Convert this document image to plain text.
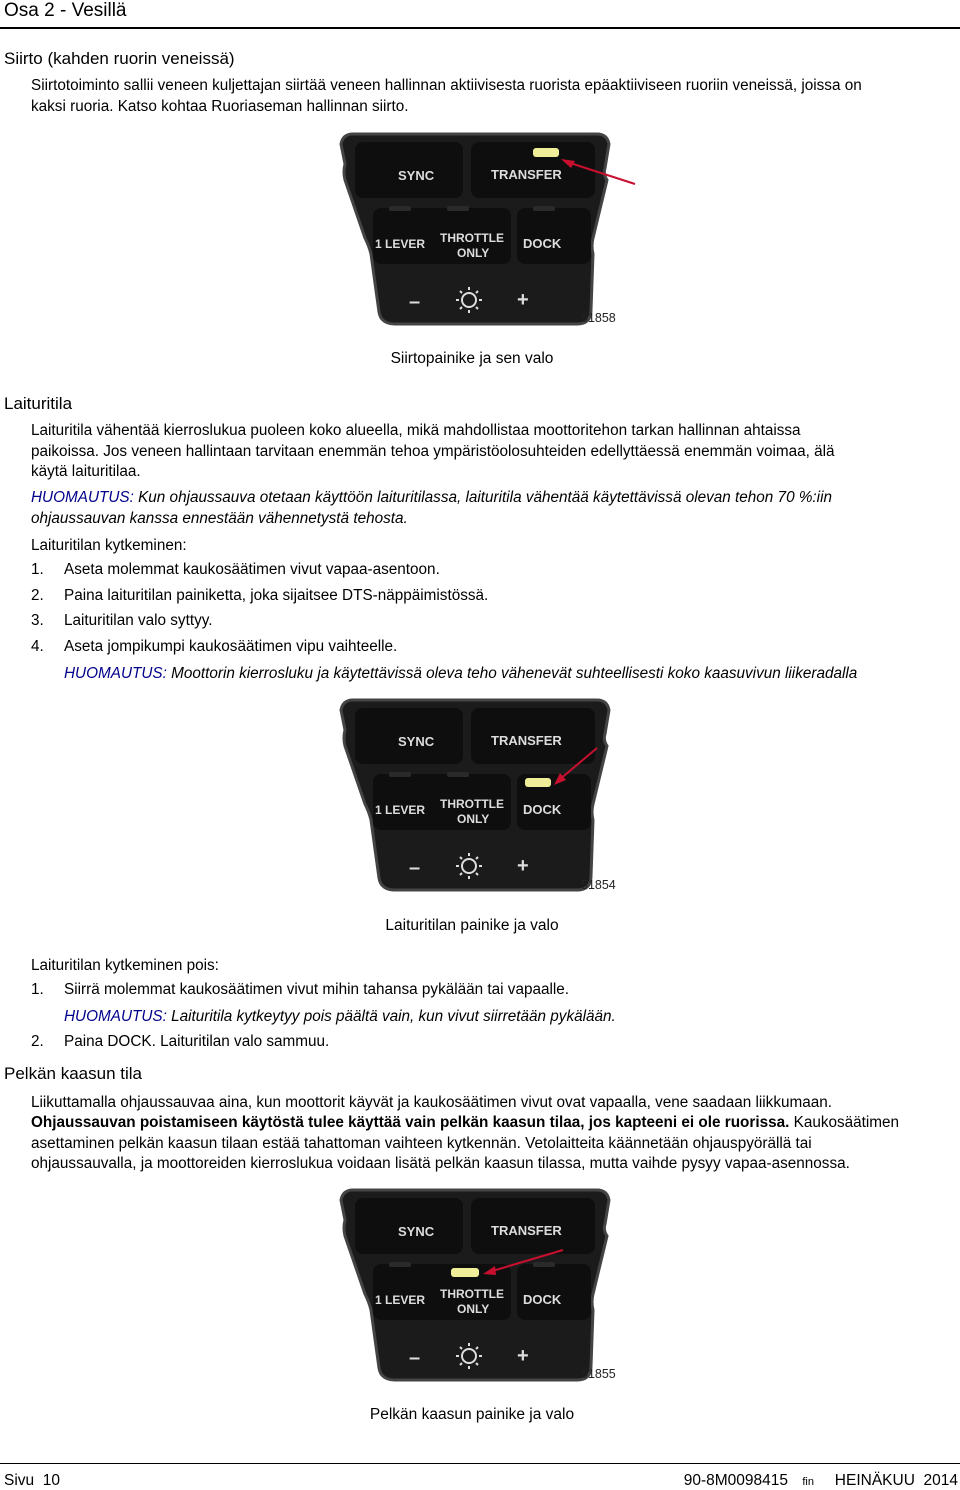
Osa 2 - Vesillä
Siirto (kahden ruorin veneissä)
Siirtotoiminto sallii veneen kuljettajan siirtää veneen hallinnan aktiivisesta ruorista epäaktiiviseen ruoriin veneissä, joissa on
kaksi ruoria. Katso kohtaa Ruoriaseman hallinnan siirto.
SYNC	TRANSFER
1 LEVER THROTTLE
ONLY
DOCK
–	+
51858
Siirtopainike ja sen valo
Laituritila
Laituritila vähentää kierroslukua puoleen koko alueella, mikä mahdollistaa moottoritehon tarkan hallinnan ahtaissa
paikoissa. Jos veneen hallintaan tarvitaan enemmän tehoa ympäristöolosuhteiden edellyttäessä enemmän voimaa, älä
käytä laituritilaa.
HUOMAUTUS: Kun ohjaussauva otetaan käyttöön laituritilassa, laituritila vähentää käytettävissä olevan tehon 70 %:iin
ohjaussauvan kanssa ennestään vähennetystä tehosta.
Laituritilan kytkeminen:
1. Aseta molemmat kaukosäätimen vivut vapaa-asentoon.
2. Paina laituritilan painiketta, joka sijaitsee DTS-näppäimistössä.
3. Laituritilan valo syttyy.
4. Aseta jompikumpi kaukosäätimen vipu vaihteelle.
HUOMAUTUS: Moottorin kierrosluku ja käytettävissä oleva teho vähenevät suhteellisesti koko kaasuvivun liikeradalla
SYNC	TRANSFER
1 LEVER THROTTLE
ONLY
DOCK
–	+
51854
Laituritilan painike ja valo
Laituritilan kytkeminen pois:
1. Siirrä molemmat kaukosäätimen vivut mihin tahansa pykälään tai vapaalle.
HUOMAUTUS: Laituritila kytkeytyy pois päältä vain, kun vivut siirretään pykälään.
2. Paina DOCK. Laituritilan valo sammuu.
Pelkän kaasun tila
Liikuttamalla ohjaussauvaa aina, kun moottorit käyvät ja kaukosäätimen vivut ovat vapaalla, vene saadaan liikkumaan.
Ohjaussauvan poistamiseen käytöstä tulee käyttää vain pelkän kaasun tilaa, jos kapteeni ei ole ruorissa. Kaukosäätimen
asettaminen pelkän kaasun tilaan estää tahattoman vaihteen kytkennän. Vetolaitteita käännetään ohjauspyörällä tai
ohjaussauvalla, ja moottoreiden kierroslukua voidaan lisätä pelkän kaasun tilassa, mutta vaihde pysyy vapaa-asennossa.
SYNC	TRANSFER
1 LEVER THROTTLE
ONLY
DOCK
–	+
51855
Pelkän kaasun painike ja valo
Sivu  10	90-8M0098415 fin HEINÄKUU  2014
